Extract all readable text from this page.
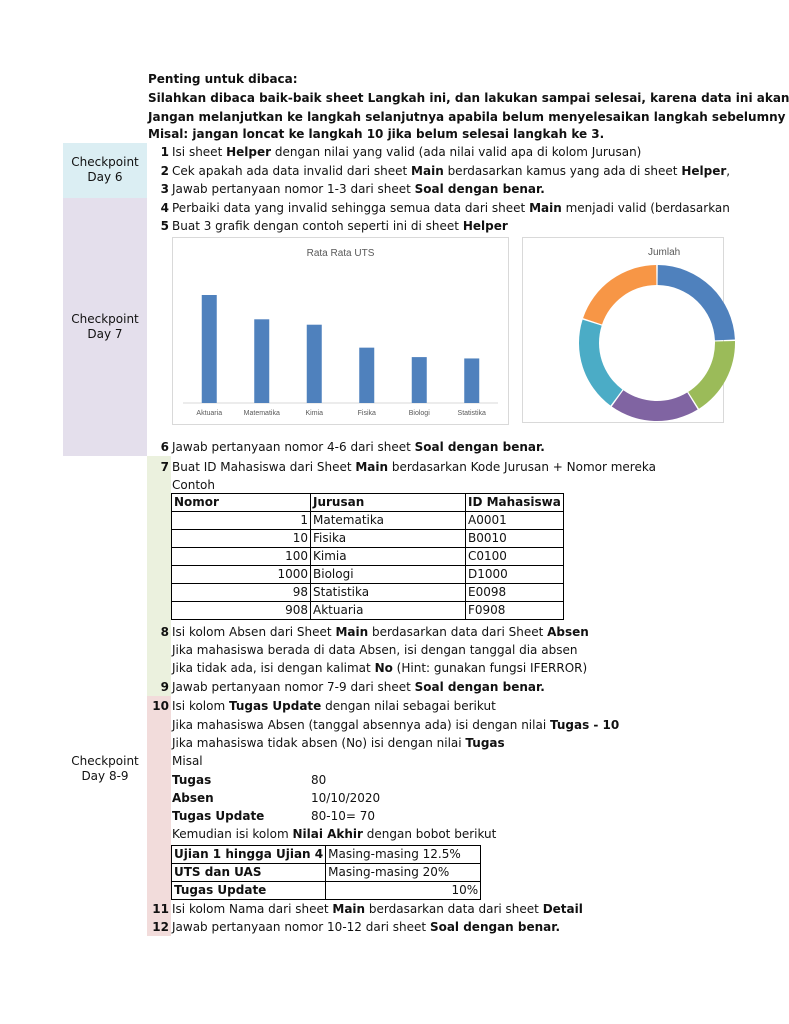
Penting untuk dibaca:
Silahkan dibaca baik-baik sheet Langkah ini, dan lakukan sampai selesai, karena data ini akan
Jangan melanjutkan ke langkah selanjutnya apabila belum menyelesaikan langkah sebelumny
Misal: jangan loncat ke langkah 10 jika belum selesai langkah ke 3.
Checkpoint Day 6
Checkpoint Day 7
Checkpoint Day 8-9
1 Isi sheet Helper dengan nilai yang valid (ada nilai valid apa di kolom Jurusan)
2 Cek apakah ada data invalid dari sheet Main berdasarkan kamus yang ada di sheet Helper,
3 Jawab pertanyaan nomor 1-3 dari sheet Soal dengan benar.
4 Perbaiki data yang invalid sehingga semua data dari sheet Main menjadi valid (berdasarkan
5 Buat 3 grafik dengan contoh seperti ini di sheet Helper
Rata Rata UTS
Aktuaria	Matematika	Kimia	Fisika	Biologi	Statistika
Jumlah
6 Jawab pertanyaan nomor 4-6 dari sheet Soal dengan benar.
7 Buat ID Mahasiswa dari Sheet Main berdasarkan Kode Jurusan + Nomor mereka
Contoh
Nomor	Jurusan	ID Mahasiswa
1	Matematika	A0001
10	Fisika	B0010
100	Kimia	C0100
1000	Biologi	D1000
98	Statistika	E0098
908	Aktuaria	F0908
8 Isi kolom Absen dari Sheet Main berdasarkan data dari Sheet Absen
Jika mahasiswa berada di data Absen, isi dengan tanggal dia absen
Jika tidak ada, isi dengan kalimat No (Hint: gunakan fungsi IFERROR)
9 Jawab pertanyaan nomor 7-9 dari sheet Soal dengan benar.
10 Isi kolom Tugas Update dengan nilai sebagai berikut
Jika mahasiswa Absen (tanggal absennya ada) isi dengan nilai Tugas - 10
Jika mahasiswa tidak absen (No) isi dengan nilai Tugas
Misal
Tugas	80
Absen	10/10/2020
Tugas Update	80-10= 70
Kemudian isi kolom Nilai Akhir dengan bobot berikut
Ujian 1 hingga Ujian 4	Masing-masing 12.5%
UTS dan UAS	Masing-masing 20%
Tugas Update	10%
11 Isi kolom Nama dari sheet Main berdasarkan data dari sheet Detail
12 Jawab pertanyaan nomor 10-12 dari sheet Soal dengan benar.
